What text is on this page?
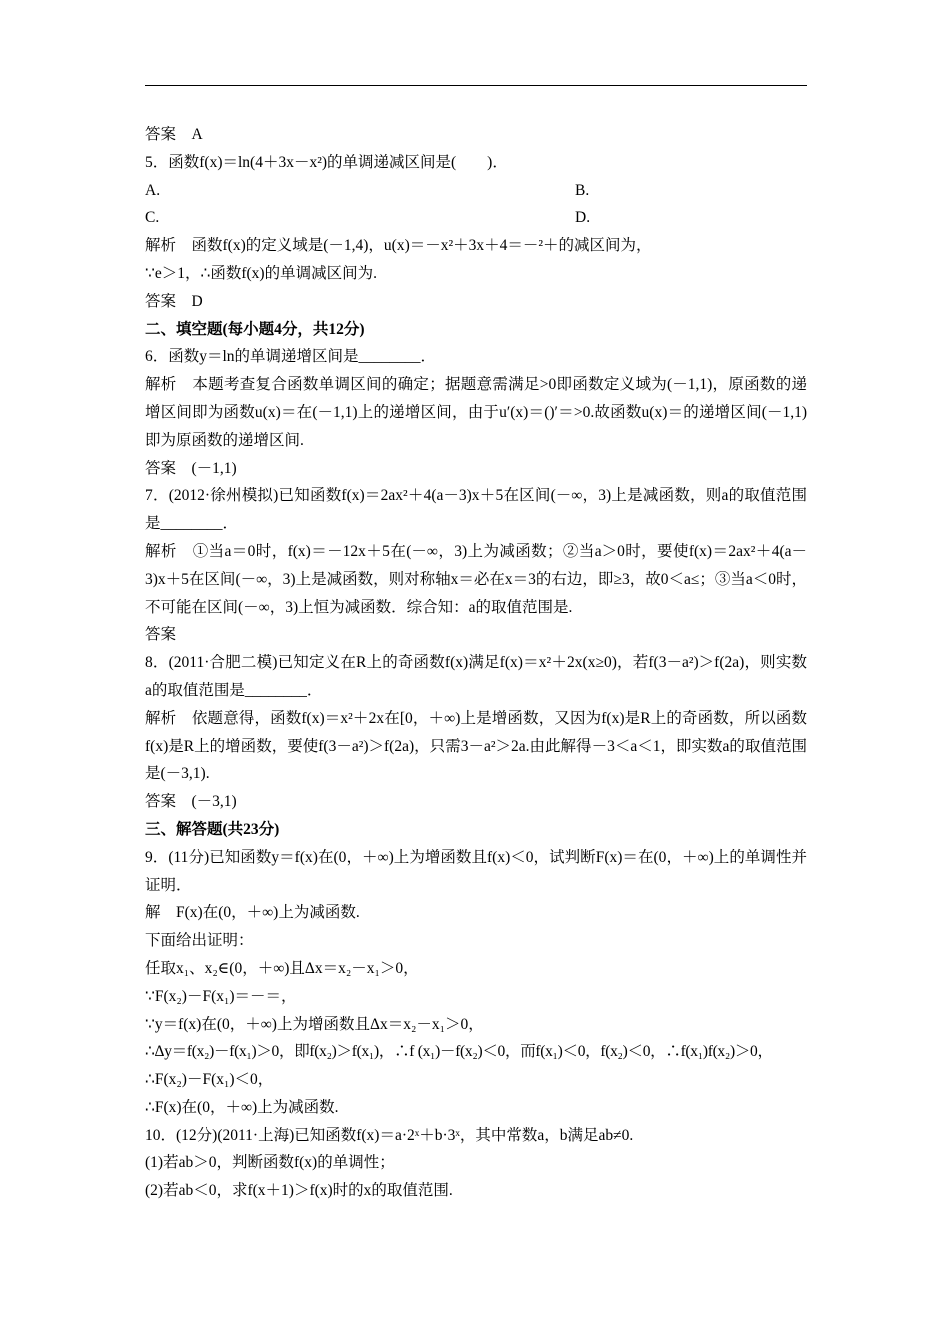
答案　A
5．函数f(x)＝ln(4＋3x－x²)的单调递减区间是(　　)．
A.	B.
C.	D.
解析　函数f(x)的定义域是(－1,4)，u(x)＝－x²＋3x＋4＝－²＋的减区间为，
∵e＞1，∴函数f(x)的单调减区间为.
答案　D
二、填空题(每小题4分，共12分)
6．函数y＝ln的单调递增区间是________．
解析　本题考查复合函数单调区间的确定；据题意需满足>0即函数定义域为(－1,1)，原函数的递增区间即为函数u(x)＝在(－1,1)上的递增区间，由于u′(x)＝()′＝>0.故函数u(x)＝的递增区间(－1,1)即为原函数的递增区间.
答案　(－1,1)
7．(2012·徐州模拟)已知函数f(x)＝2ax²＋4(a－3)x＋5在区间(－∞，3)上是减函数，则a的取值范围是________．
解析　①当a＝0时，f(x)＝－12x＋5在(－∞，3)上为减函数；②当a＞0时，要使f(x)＝2ax²＋4(a－3)x＋5在区间(－∞，3)上是减函数，则对称轴x＝必在x＝3的右边，即≥3，故0＜a≤；③当a＜0时，不可能在区间(－∞，3)上恒为减函数．综合知：a的取值范围是.
答案
8．(2011·合肥二模)已知定义在R上的奇函数f(x)满足f(x)＝x²＋2x(x≥0)，若f(3－a²)＞f(2a)，则实数a的取值范围是________．
解析　依题意得，函数f(x)＝x²＋2x在[0，＋∞)上是增函数，又因为f(x)是R上的奇函数，所以函数f(x)是R上的增函数，要使f(3－a²)＞f(2a)，只需3－a²＞2a.由此解得－3＜a＜1，即实数a的取值范围是(－3,1).
答案　(－3,1)
三、解答题(共23分)
9．(11分)已知函数y＝f(x)在(0，＋∞)上为增函数且f(x)＜0，试判断F(x)＝在(0，＋∞)上的单调性并证明．
解　F(x)在(0，＋∞)上为减函数.
下面给出证明：
任取x₁、x₂∈(0，＋∞)且Δx＝x₂－x₁＞0，
∵F(x₂)－F(x₁)＝－＝，
∵y＝f(x)在(0，＋∞)上为增函数且Δx＝x₂－x₁＞0，
∴Δy＝f(x₂)－f(x₁)＞0，即f(x₂)＞f(x₁)，∴f (x₁)－f(x₂)＜0，而f(x₁)＜0，f(x₂)＜0，∴f(x₁)f(x₂)＞0，
∴F(x₂)－F(x₁)＜0，
∴F(x)在(0，＋∞)上为减函数.
10．(12分)(2011·上海)已知函数f(x)＝a·2ˣ＋b·3ˣ，其中常数a，b满足ab≠0.
(1)若ab＞0，判断函数f(x)的单调性；
(2)若ab＜0，求f(x＋1)＞f(x)时的x的取值范围.
